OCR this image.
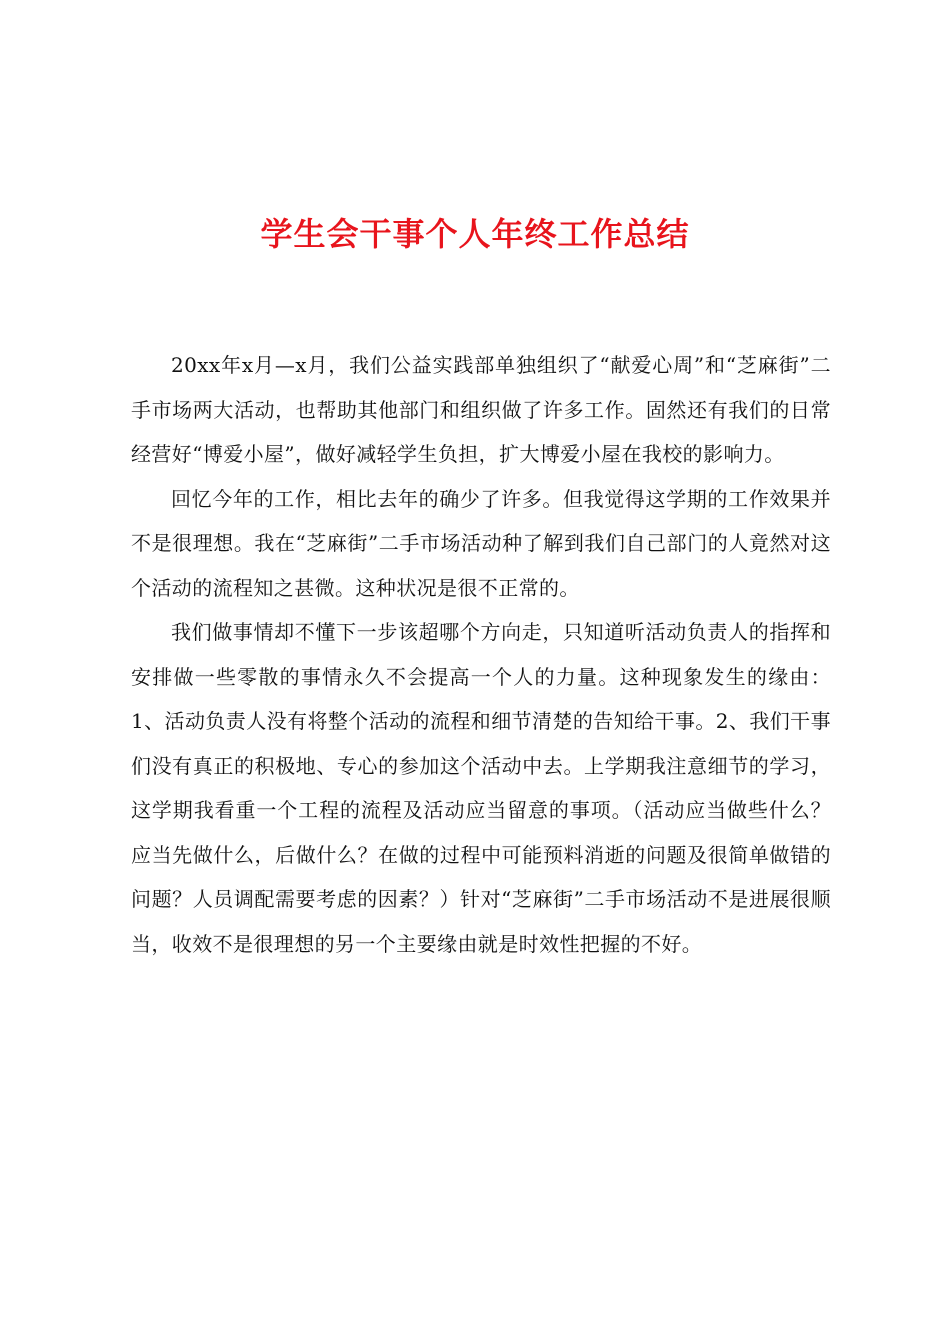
学生会干事个人年终工作总结

20xx年x月—x月，我们公益实践部单独组织了“献爱心周”和“芝麻街”二手市场两大活动，也帮助其他部门和组织做了许多工作。固然还有我们的日常经营好“博爱小屋”，做好减轻学生负担，扩大博爱小屋在我校的影响力。

回忆今年的工作，相比去年的确少了许多。但我觉得这学期的工作效果并不是很理想。我在“芝麻街”二手市场活动种了解到我们自己部门的人竟然对这个活动的流程知之甚微。这种状况是很不正常的。

我们做事情却不懂下一步该超哪个方向走，只知道听活动负责人的指挥和安排做一些零散的事情永久不会提高一个人的力量。这种现象发生的缘由：1、活动负责人没有将整个活动的流程和细节清楚的告知给干事。2、我们干事们没有真正的积极地、专心的参加这个活动中去。上学期我注意细节的学习，这学期我看重一个工程的流程及活动应当留意的事项。（活动应当做些什么？应当先做什么，后做什么？在做的过程中可能预料消逝的问题及很简单做错的问题？人员调配需要考虑的因素？）针对“芝麻街”二手市场活动不是进展很顺当，收效不是很理想的另一个主要缘由就是时效性把握的不好。
